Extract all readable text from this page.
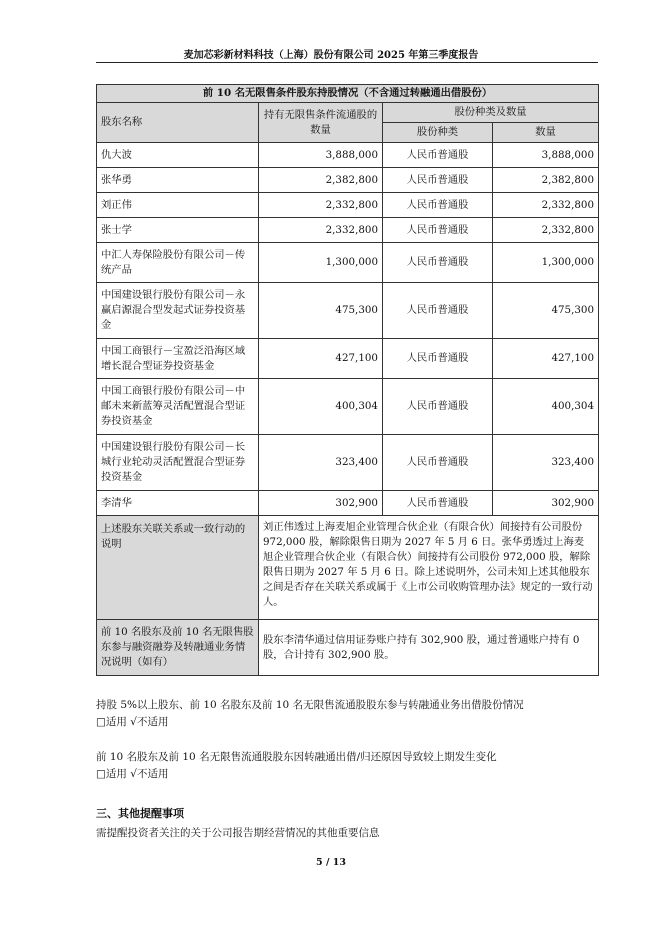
麦加芯彩新材料科技（上海）股份有限公司 2025 年第三季度报告
前 10 名无限售条件股东持股情况（不含通过转融通出借股份）			
股东名称	持有无限售条件流通股的数量	股份种类及数量	
		股份种类	数量
仇大波	3,888,000	人民币普通股	3,888,000
张华勇	2,382,800	人民币普通股	2,382,800
刘正伟	2,332,800	人民币普通股	2,332,800
张士学	2,332,800	人民币普通股	2,332,800
中汇人寿保险股份有限公司－传统产品	1,300,000	人民币普通股	1,300,000
中国建设银行股份有限公司－永赢启源混合型发起式证券投资基金	475,300	人民币普通股	475,300
中国工商银行－宝盈泛沿海区域增长混合型证券投资基金	427,100	人民币普通股	427,100
中国工商银行股份有限公司－中邮未来新蓝筹灵活配置混合型证券投资基金	400,304	人民币普通股	400,304
中国建设银行股份有限公司－长城行业轮动灵活配置混合型证券投资基金	323,400	人民币普通股	323,400
李清华	302,900	人民币普通股	302,900
上述股东关联关系或一致行动的说明	刘正伟透过上海麦旭企业管理合伙企业（有限合伙）间接持有公司股份 972,000 股，解除限售日期为 2027 年 5 月 6 日。张华勇透过上海麦旭企业管理合伙企业（有限合伙）间接持有公司股份 972,000 股，解除限售日期为 2027 年 5 月 6 日。除上述说明外，公司未知上述其他股东之间是否存在关联关系或属于《上市公司收购管理办法》规定的一致行动人。		
前 10 名股东及前 10 名无限售股东参与融资融券及转融通业务情况说明（如有）	股东李清华通过信用证券账户持有 302,900 股，通过普通账户持有 0 股，合计持有 302,900 股。		
持股 5%以上股东、前 10 名股东及前 10 名无限售流通股股东参与转融通业务出借股份情况
□适用 √不适用
前 10 名股东及前 10 名无限售流通股股东因转融通出借/归还原因导致较上期发生变化
□适用 √不适用
三、其他提醒事项
需提醒投资者关注的关于公司报告期经营情况的其他重要信息
5 / 13
